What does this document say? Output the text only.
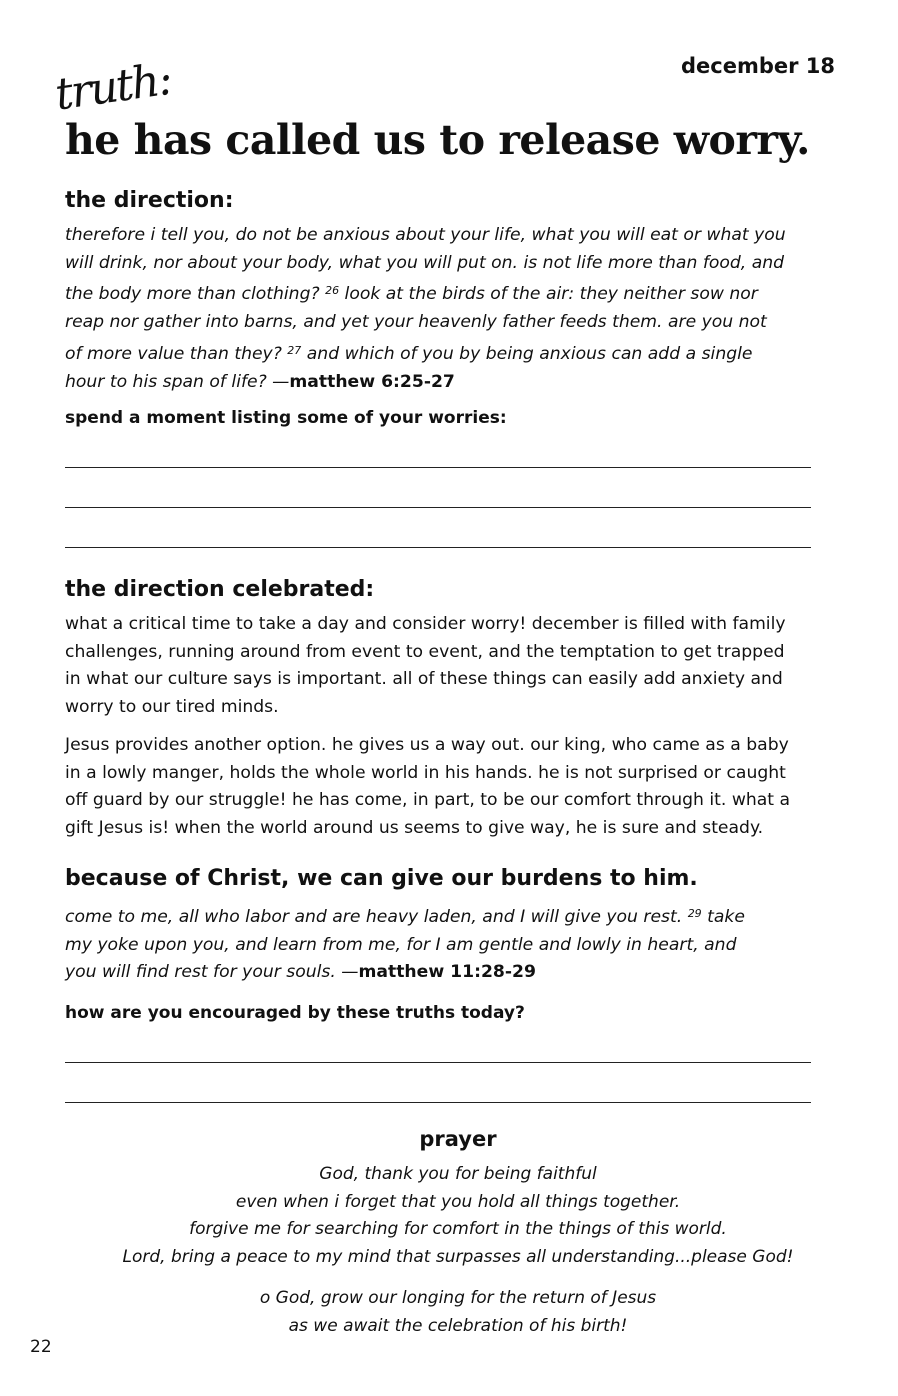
december 18
truth:
he has called us to release worry.
the direction:
therefore i tell you, do not be anxious about your life, what you will eat or what you
will drink, nor about your body, what you will put on. is not life more than food, and
the body more than clothing? $^{26}$ look at the birds of the air: they neither sow nor
reap nor gather into barns, and yet your heavenly father feeds them. are you not
of more value than they? $^{27}$ and which of you by being anxious can add a single
hour to his span of life? —matthew 6:25-27
spend a moment listing some of your worries:
the direction celebrated:
what a critical time to take a day and consider worry! december is filled with family
challenges, running around from event to event, and the temptation to get trapped
in what our culture says is important. all of these things can easily add anxiety and
worry to our tired minds.
Jesus provides another option. he gives us a way out. our king, who came as a baby
in a lowly manger, holds the whole world in his hands. he is not surprised or caught
off guard by our struggle! he has come, in part, to be our comfort through it. what a
gift Jesus is! when the world around us seems to give way, he is sure and steady.
because of Christ, we can give our burdens to him.
come to me, all who labor and are heavy laden, and I will give you rest. $^{29}$ take
my yoke upon you, and learn from me, for I am gentle and lowly in heart, and
you will find rest for your souls. —matthew 11:28-29
how are you encouraged by these truths today?
prayer
God, thank you for being faithful
even when i forget that you hold all things together.
forgive me for searching for comfort in the things of this world.
Lord, bring a peace to my mind that surpasses all understanding...please God!
o God, grow our longing for the return of Jesus
as we await the celebration of his birth!
22
